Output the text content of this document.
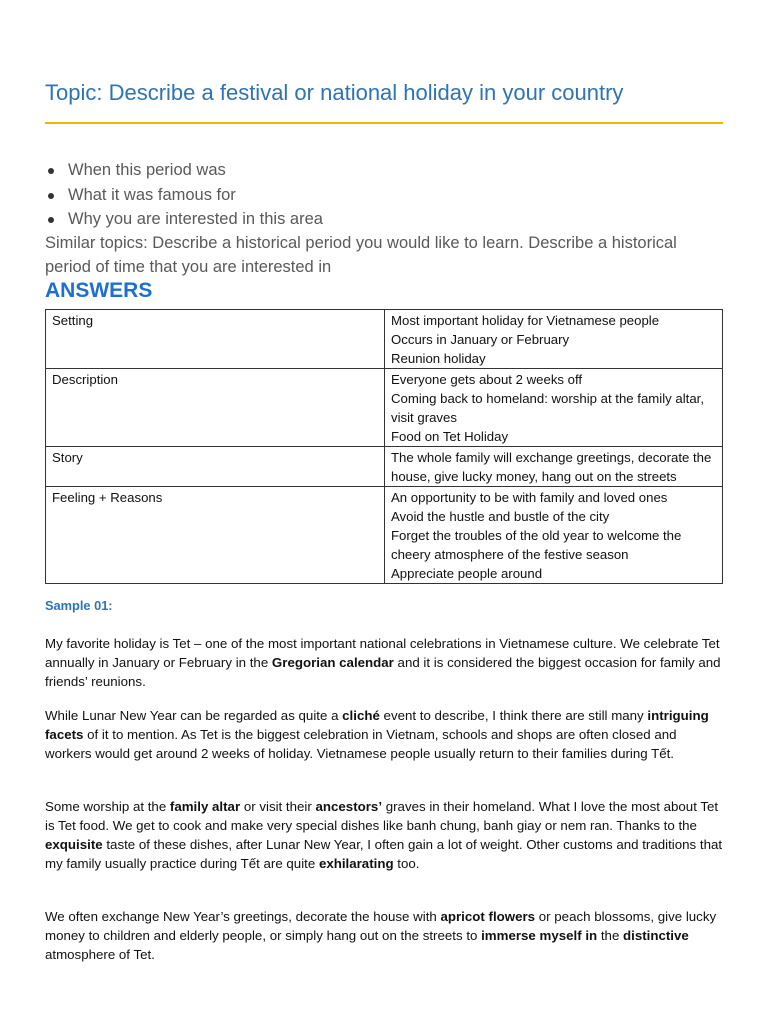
Topic: Describe a festival or national holiday in your country
When this period was
What it was famous for
Why you are interested in this area
Similar topics: Describe a historical period you would like to learn. Describe a historical period of time that you are interested in
ANSWERS
Setting	Most important holiday for Vietnamese people
Occurs in January or February
Reunion holiday

Description	Everyone gets about 2 weeks off
Coming back to homeland: worship at the family altar, visit graves
Food on Tet Holiday

Story	The whole family will exchange greetings, decorate the house, give lucky money, hang out on the streets

Feeling + Reasons	An opportunity to be with family and loved ones
Avoid the hustle and bustle of the city
Forget the troubles of the old year to welcome the cheery atmosphere of the festive season
Appreciate people around
Sample 01:

My favorite holiday is Tet – one of the most important national celebrations in Vietnamese culture. We celebrate Tet annually in January or February in the Gregorian calendar and it is considered the biggest occasion for family and friends’ reunions.

While Lunar New Year can be regarded as quite a cliché event to describe, I think there are still many intriguing facets of it to mention. As Tet is the biggest celebration in Vietnam, schools and shops are often closed and workers would get around 2 weeks of holiday. Vietnamese people usually return to their families during Tết.

Some worship at the family altar or visit their ancestors’ graves in their homeland. What I love the most about Tet is Tet food. We get to cook and make very special dishes like banh chung, banh giay or nem ran. Thanks to the exquisite taste of these dishes, after Lunar New Year, I often gain a lot of weight. Other customs and traditions that my family usually practice during Tết are quite exhilarating too.

We often exchange New Year’s greetings, decorate the house with apricot flowers or peach blossoms, give lucky money to children and elderly people, or simply hang out on the streets to immerse myself in the distinctive atmosphere of Tet.
